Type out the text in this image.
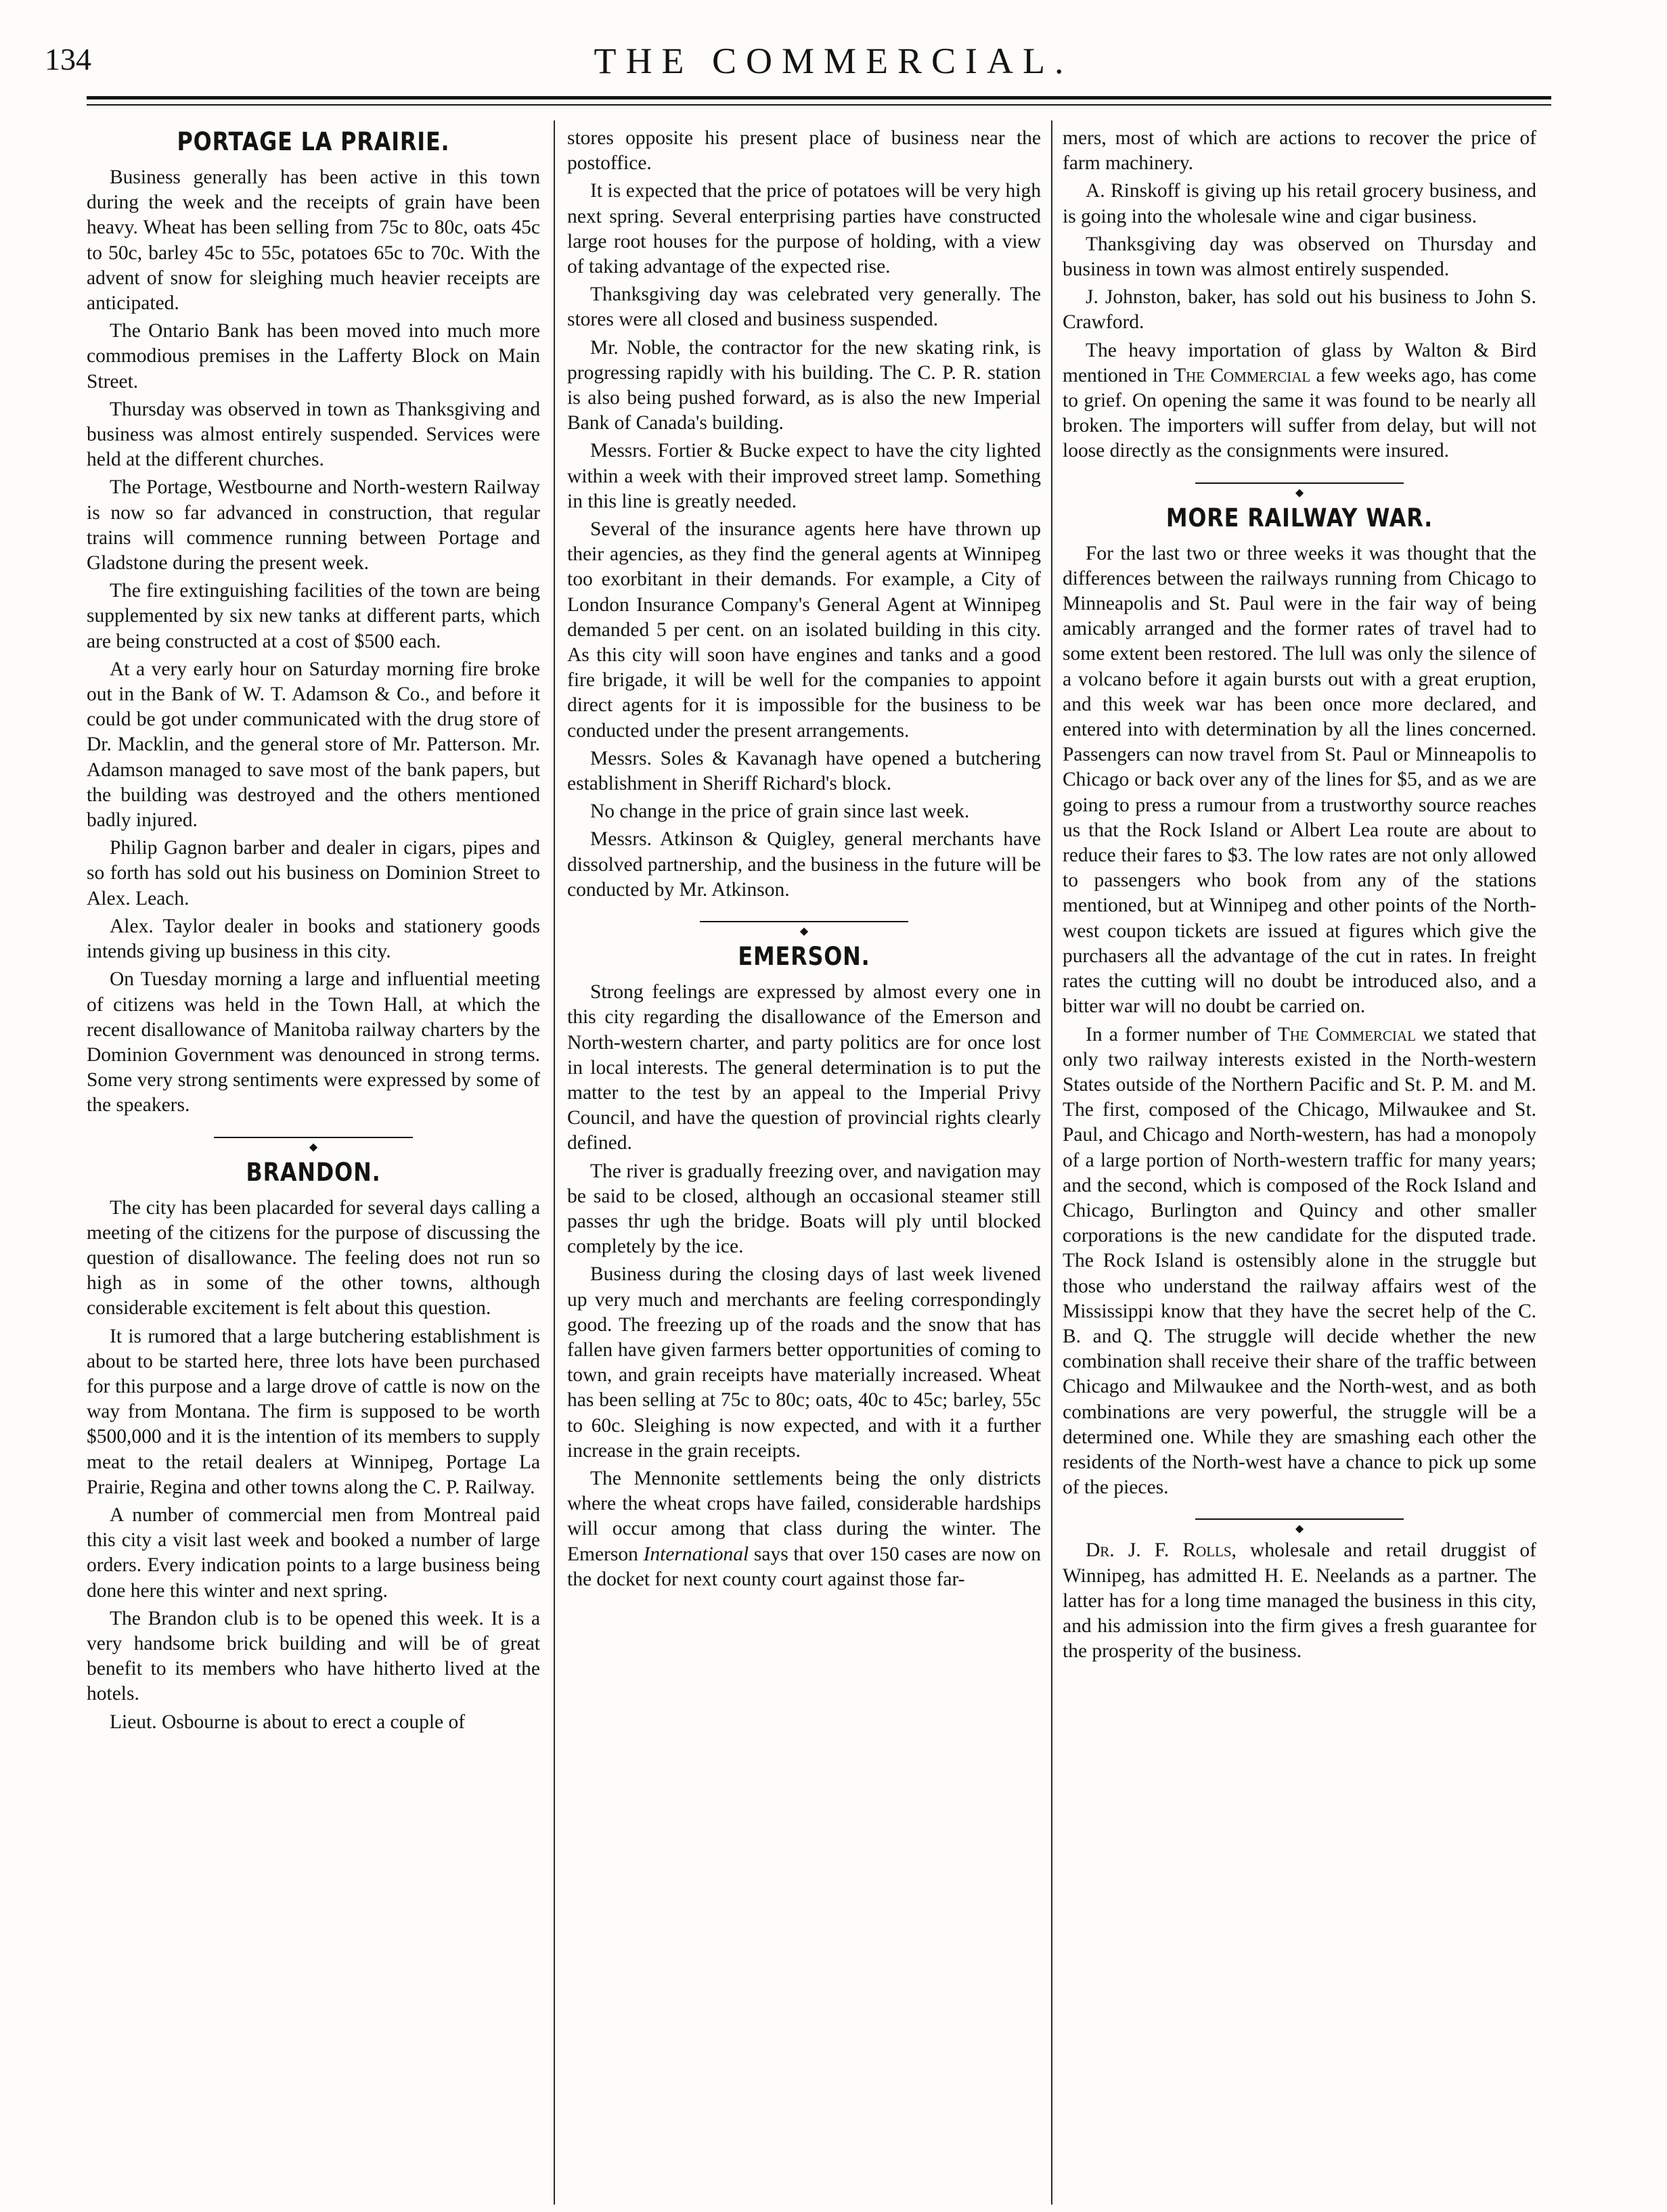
134	THE COMMERCIAL.
PORTAGE LA PRAIRIE.

Business generally has been active in this town during the week and the receipts of grain have been heavy. Wheat has been selling from 75c to 80c, oats 45c to 50c, barley 45c to 55c, potatoes 65c to 70c. With the advent of snow for sleighing much heavier receipts are anticipated.

The Ontario Bank has been moved into much more commodious premises in the Lafferty Block on Main Street.

Thursday was observed in town as Thanksgiving and business was almost entirely suspended. Services were held at the different churches.

The Portage, Westbourne and North-western Railway is now so far advanced in construction, that regular trains will commence running between Portage and Gladstone during the present week.

The fire extinguishing facilities of the town are being supplemented by six new tanks at different parts, which are being constructed at a cost of $500 each.

At a very early hour on Saturday morning fire broke out in the Bank of W. T. Adamson & Co., and before it could be got under communicated with the drug store of Dr. Macklin, and the general store of Mr. Patterson. Mr. Adamson managed to save most of the bank papers, but the building was destroyed and the others mentioned badly injured.

Philip Gagnon barber and dealer in cigars, pipes and so forth has sold out his business on Dominion Street to Alex. Leach.

Alex. Taylor dealer in books and stationery goods intends giving up business in this city.

On Tuesday morning a large and influential meeting of citizens was held in the Town Hall, at which the recent disallowance of Manitoba railway charters by the Dominion Government was denounced in strong terms. Some very strong sentiments were expressed by some of the speakers.

◆
BRANDON.

The city has been placarded for several days calling a meeting of the citizens for the purpose of discussing the question of disallowance. The feeling does not run so high as in some of the other towns, although considerable excitement is felt about this question.

It is rumored that a large butchering establishment is about to be started here, three lots have been purchased for this purpose and a large drove of cattle is now on the way from Montana. The firm is supposed to be worth $500,000 and it is the intention of its members to supply meat to the retail dealers at Winnipeg, Portage La Prairie, Regina and other towns along the C. P. Railway.

A number of commercial men from Montreal paid this city a visit last week and booked a number of large orders. Every indication points to a large business being done here this winter and next spring.

The Brandon club is to be opened this week. It is a very handsome brick building and will be of great benefit to its members who have hitherto lived at the hotels.

Lieut. Osbourne is about to erect a couple of

stores opposite his present place of business near the postoffice.

It is expected that the price of potatoes will be very high next spring. Several enterprising parties have constructed large root houses for the purpose of holding, with a view of taking advantage of the expected rise.

Thanksgiving day was celebrated very generally. The stores were all closed and business suspended.

Mr. Noble, the contractor for the new skating rink, is progressing rapidly with his building. The C. P. R. station is also being pushed forward, as is also the new Imperial Bank of Canada's building.

Messrs. Fortier & Bucke expect to have the city lighted within a week with their improved street lamp. Something in this line is greatly needed.

Several of the insurance agents here have thrown up their agencies, as they find the general agents at Winnipeg too exorbitant in their demands. For example, a City of London Insurance Company's General Agent at Winnipeg demanded 5 per cent. on an isolated building in this city. As this city will soon have engines and tanks and a good fire brigade, it will be well for the companies to appoint direct agents for it is impossible for the business to be conducted under the present arrangements.

Messrs. Soles & Kavanagh have opened a butchering establishment in Sheriff Richard's block.

No change in the price of grain since last week.

Messrs. Atkinson & Quigley, general merchants have dissolved partnership, and the business in the future will be conducted by Mr. Atkinson.

◆
EMERSON.

Strong feelings are expressed by almost every one in this city regarding the disallowance of the Emerson and North-western charter, and party politics are for once lost in local interests. The general determination is to put the matter to the test by an appeal to the Imperial Privy Council, and have the question of provincial rights clearly defined.

The river is gradually freezing over, and navigation may be said to be closed, although an occasional steamer still passes thr ugh the bridge. Boats will ply until blocked completely by the ice.

Business during the closing days of last week livened up very much and merchants are feeling correspondingly good. The freezing up of the roads and the snow that has fallen have given farmers better opportunities of coming to town, and grain receipts have materially increased. Wheat has been selling at 75c to 80c; oats, 40c to 45c; barley, 55c to 60c. Sleighing is now expected, and with it a further increase in the grain receipts.

The Mennonite settlements being the only districts where the wheat crops have failed, considerable hardships will occur among that class during the winter. The Emerson International says that over 150 cases are now on the docket for next county court against those far-

mers, most of which are actions to recover the price of farm machinery.

A. Rinskoff is giving up his retail grocery business, and is going into the wholesale wine and cigar business.

Thanksgiving day was observed on Thursday and business in town was almost entirely suspended.

J. Johnston, baker, has sold out his business to John S. Crawford.

The heavy importation of glass by Walton & Bird mentioned in The Commercial a few weeks ago, has come to grief. On opening the same it was found to be nearly all broken. The importers will suffer from delay, but will not loose directly as the consignments were insured.

◆
MORE RAILWAY WAR.

For the last two or three weeks it was thought that the differences between the railways running from Chicago to Minneapolis and St. Paul were in the fair way of being amicably arranged and the former rates of travel had to some extent been restored. The lull was only the silence of a volcano before it again bursts out with a great eruption, and this week war has been once more declared, and entered into with determination by all the lines concerned. Passengers can now travel from St. Paul or Minneapolis to Chicago or back over any of the lines for $5, and as we are going to press a rumour from a trustworthy source reaches us that the Rock Island or Albert Lea route are about to reduce their fares to $3. The low rates are not only allowed to passengers who book from any of the stations mentioned, but at Winnipeg and other points of the North-west coupon tickets are issued at figures which give the purchasers all the advantage of the cut in rates. In freight rates the cutting will no doubt be introduced also, and a bitter war will no doubt be carried on.

In a former number of The Commercial we stated that only two railway interests existed in the North-western States outside of the Northern Pacific and St. P. M. and M. The first, composed of the Chicago, Milwaukee and St. Paul, and Chicago and North-western, has had a monopoly of a large portion of North-western traffic for many years; and the second, which is composed of the Rock Island and Chicago, Burlington and Quincy and other smaller corporations is the new candidate for the disputed trade. The Rock Island is ostensibly alone in the struggle but those who understand the railway affairs west of the Mississippi know that they have the secret help of the C. B. and Q. The struggle will decide whether the new combination shall receive their share of the traffic between Chicago and Milwaukee and the North-west, and as both combinations are very powerful, the struggle will be a determined one. While they are smashing each other the residents of the North-west have a chance to pick up some of the pieces.

◆

Dr. J. F. Rolls, wholesale and retail druggist of Winnipeg, has admitted H. E. Neelands as a partner. The latter has for a long time managed the business in this city, and his admission into the firm gives a fresh guarantee for the prosperity of the business.
